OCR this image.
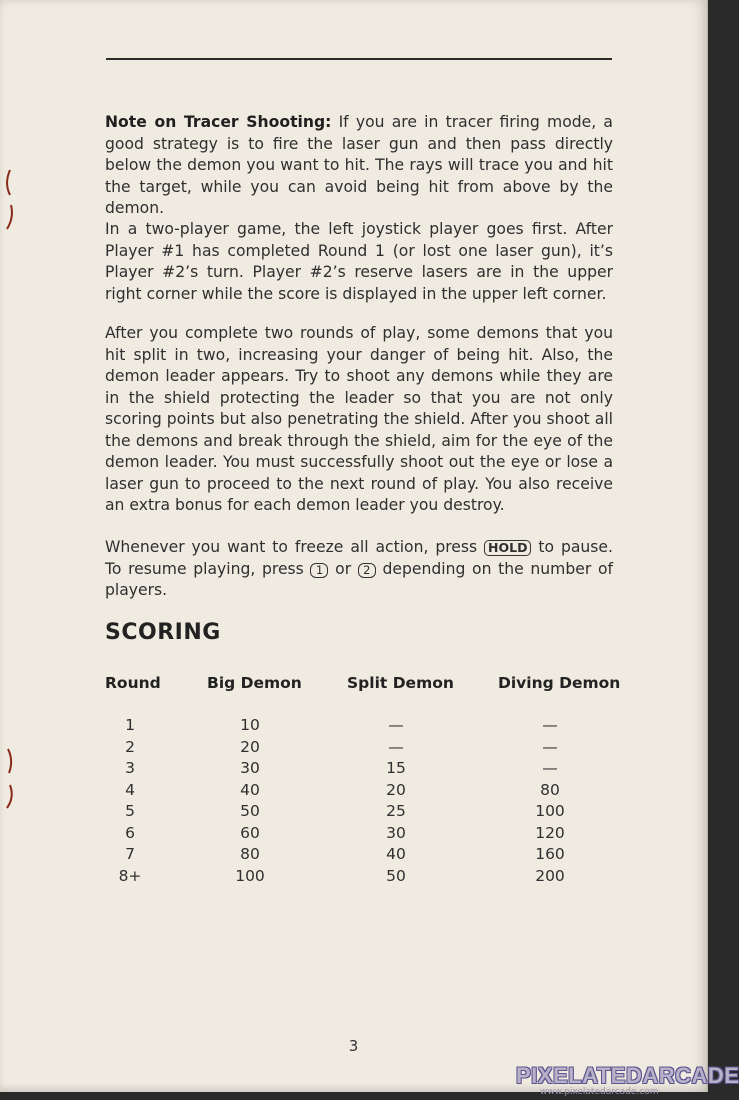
Note on Tracer Shooting: If you are in tracer firing mode, a good strategy is to fire the laser gun and then pass directly below the demon you want to hit. The rays will trace you and hit the target, while you can avoid being hit from above by the demon.

In a two-player game, the left joystick player goes first. After Player #1 has completed Round 1 (or lost one laser gun), it’s Player #2’s turn. Player #2’s reserve lasers are in the upper right corner while the score is displayed in the upper left corner.

After you complete two rounds of play, some demons that you hit split in two, increasing your danger of being hit. Also, the demon leader appears. Try to shoot any demons while they are in the shield protecting the leader so that you are not only scoring points but also penetrating the shield. After you shoot all the demons and break through the shield, aim for the eye of the demon leader. You must successfully shoot out the eye or lose a laser gun to proceed to the next round of play. You also receive an extra bonus for each demon leader you destroy.

Whenever you want to freeze all action, press HOLD to pause. To resume playing, press 1 or 2 depending on the number of players.

SCORING
Round	Big Demon	Split Demon	Diving Demon
1	10	—	—
2	20	—	—
3	30	15	—
4	40	20	80
5	50	25	100
6	60	30	120
7	80	40	160
8+	100	50	200
3
PIXELATEDARCADE
www.pixelatedarcade.com
